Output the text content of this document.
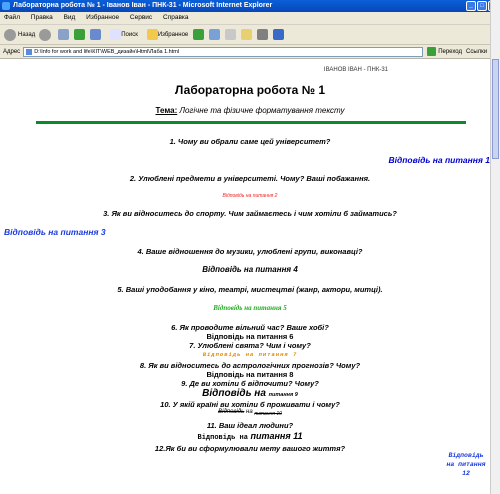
Лабораторна робота № 1 - Іванов Іван - ПНК-31 - Microsoft Internet Explorer	_	□
Файл Правка Вид Избранное Сервис Справка
Назад	Поиск	Избранное
Адрес	D:\Info for work and life\КІТ\WEB_дизайн\Html\Лаба 1.html	Переход Ссылки
ІВАНОВ ІВАН - ПНК-31
Лабораторна робота № 1
Тема: Логічне та фізичне форматування тексту
1. Чому ви обрали саме цей університет?
Відповідь на питання 1
2. Улюблені предмети в університеті. Чому? Ваші побажання.
Відповідь на питання 2
3. Як ви відноситесь до спорту. Чим займаєтесь і чим хотіли б займатись?
Відповідь на питання 3
4. Ваше відношення до музики, улюблені групи, виконавці?
Відповідь на питання 4
5. Ваші уподобання у кіно, театрі, мистецтві (жанр, актори, митці).
Відповідь на питання 5
6. Як проводите вільний час? Ваше хобі?
Відповідь на питання 6
7. Улюблені свята? Чим і чому?
Відповідь на питання 7
8. Як ви відноситесь до астрологічних прогнозів? Чому?
Відповідь на питання 8
9. Де ви хотіли б відпочити? Чому?
Відповідь на питання 9
10. У якій країні ви хотіли б проживати і чому?
Відповідь на $_{питання 10}$
11. Ваш ідеал людини?
Відповідь на питання 11
12.Як би ви сформулювали мету вашого життя?
Відповідь на питання 12
